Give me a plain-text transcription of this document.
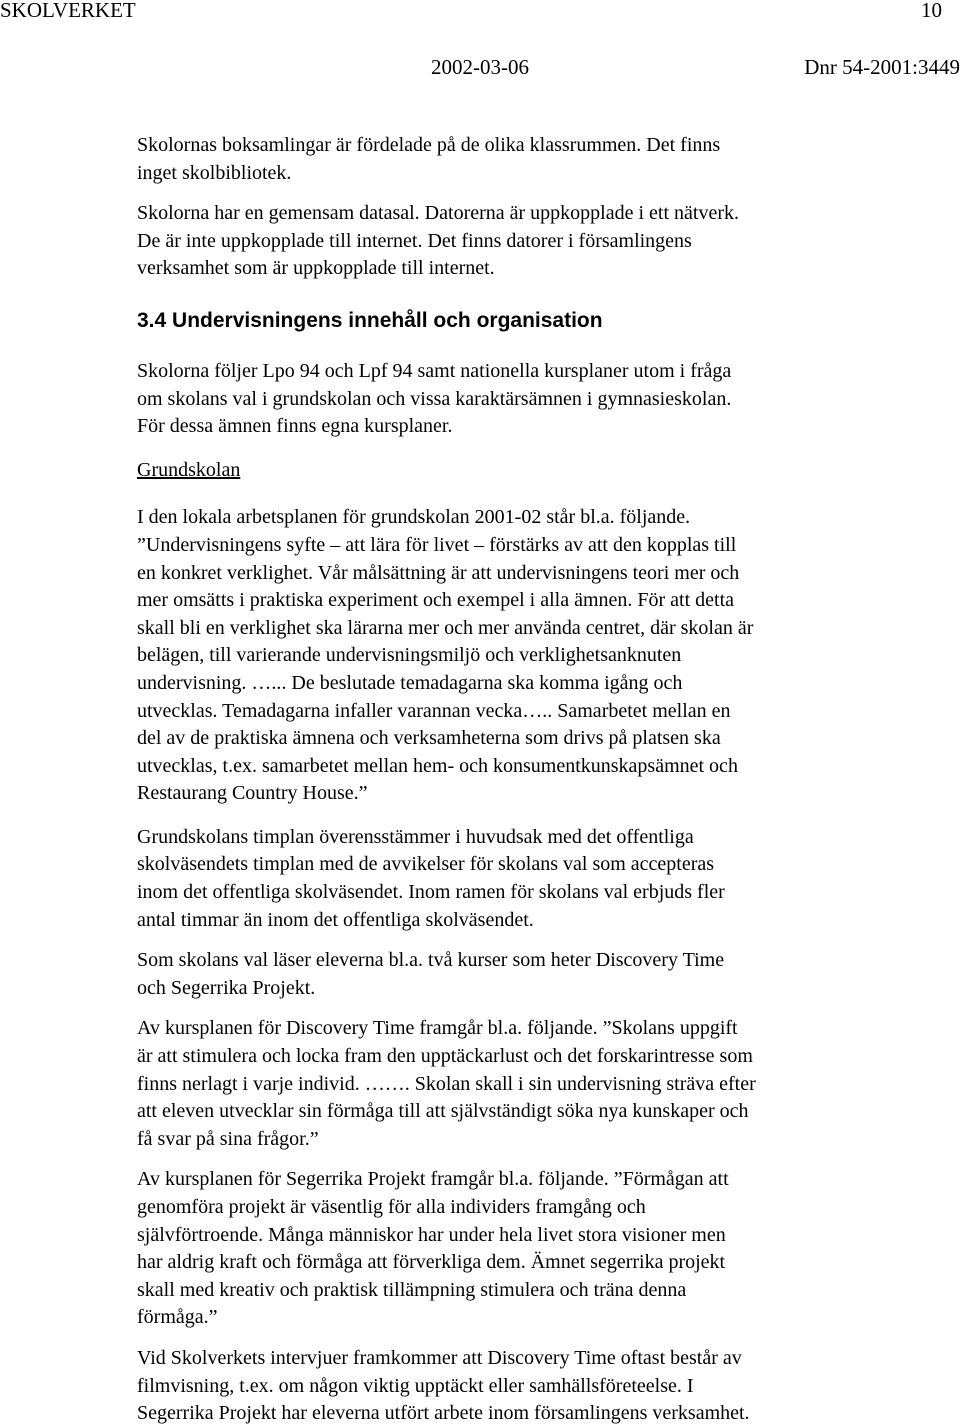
SKOLVERKET	10
2002-03-06	Dnr 54-2001:3449

Skolornas boksamlingar är fördelade på de olika klassrummen. Det finns

inget skolbibliotek.

Skolorna har en gemensam datasal. Datorerna är uppkopplade i ett nätverk.

De är inte uppkopplade till internet. Det finns datorer i församlingens

verksamhet som är uppkopplade till internet.

3.4 Undervisningens innehåll och organisation

Skolorna följer Lpo 94 och Lpf 94 samt nationella kursplaner utom i fråga

om skolans val i grundskolan och vissa karaktärsämnen i gymnasieskolan.

För dessa ämnen finns egna kursplaner.

Grundskolan

I den lokala arbetsplanen för grundskolan 2001-02 står bl.a. följande.

”Undervisningens syfte – att lära för livet – förstärks av att den kopplas till

en konkret verklighet. Vår målsättning är att undervisningens teori mer och

mer omsätts i praktiska experiment och exempel i alla ämnen. För att detta

skall bli en verklighet ska lärarna mer och mer använda centret, där skolan är

belägen, till varierande undervisningsmiljö och verklighetsanknuten

undervisning. …... De beslutade temadagarna ska komma igång och

utvecklas. Temadagarna infaller varannan vecka….. Samarbetet mellan en

del av de praktiska ämnena och verksamheterna som drivs på platsen ska

utvecklas, t.ex. samarbetet mellan hem- och konsumentkunskapsämnet och

Restaurang Country House.”

Grundskolans timplan överensstämmer i huvudsak med det offentliga

skolväsendets timplan med de avvikelser för skolans val som accepteras

inom det offentliga skolväsendet. Inom ramen för skolans val erbjuds fler

antal timmar än inom det offentliga skolväsendet.

Som skolans val läser eleverna bl.a. två kurser som heter Discovery Time

och Segerrika Projekt.

Av kursplanen för Discovery Time framgår bl.a. följande. ”Skolans uppgift

är att stimulera och locka fram den upptäckarlust och det forskarintresse som

finns nerlagt i varje individ. ……. Skolan skall i sin undervisning sträva efter

att eleven utvecklar sin förmåga till att självständigt söka nya kunskaper och

få svar på sina frågor.”

Av kursplanen för Segerrika Projekt framgår bl.a. följande. ”Förmågan att

genomföra projekt är väsentlig för alla individers framgång och

självförtroende. Många människor har under hela livet stora visioner men

har aldrig kraft och förmåga att förverkliga dem. Ämnet segerrika projekt

skall med kreativ och praktisk tillämpning stimulera och träna denna

förmåga.”

Vid Skolverkets intervjuer framkommer att Discovery Time oftast består av

filmvisning, t.ex. om någon viktig upptäckt eller samhällsföreteelse. I

Segerrika Projekt har eleverna utfört arbete inom församlingens verksamhet.
